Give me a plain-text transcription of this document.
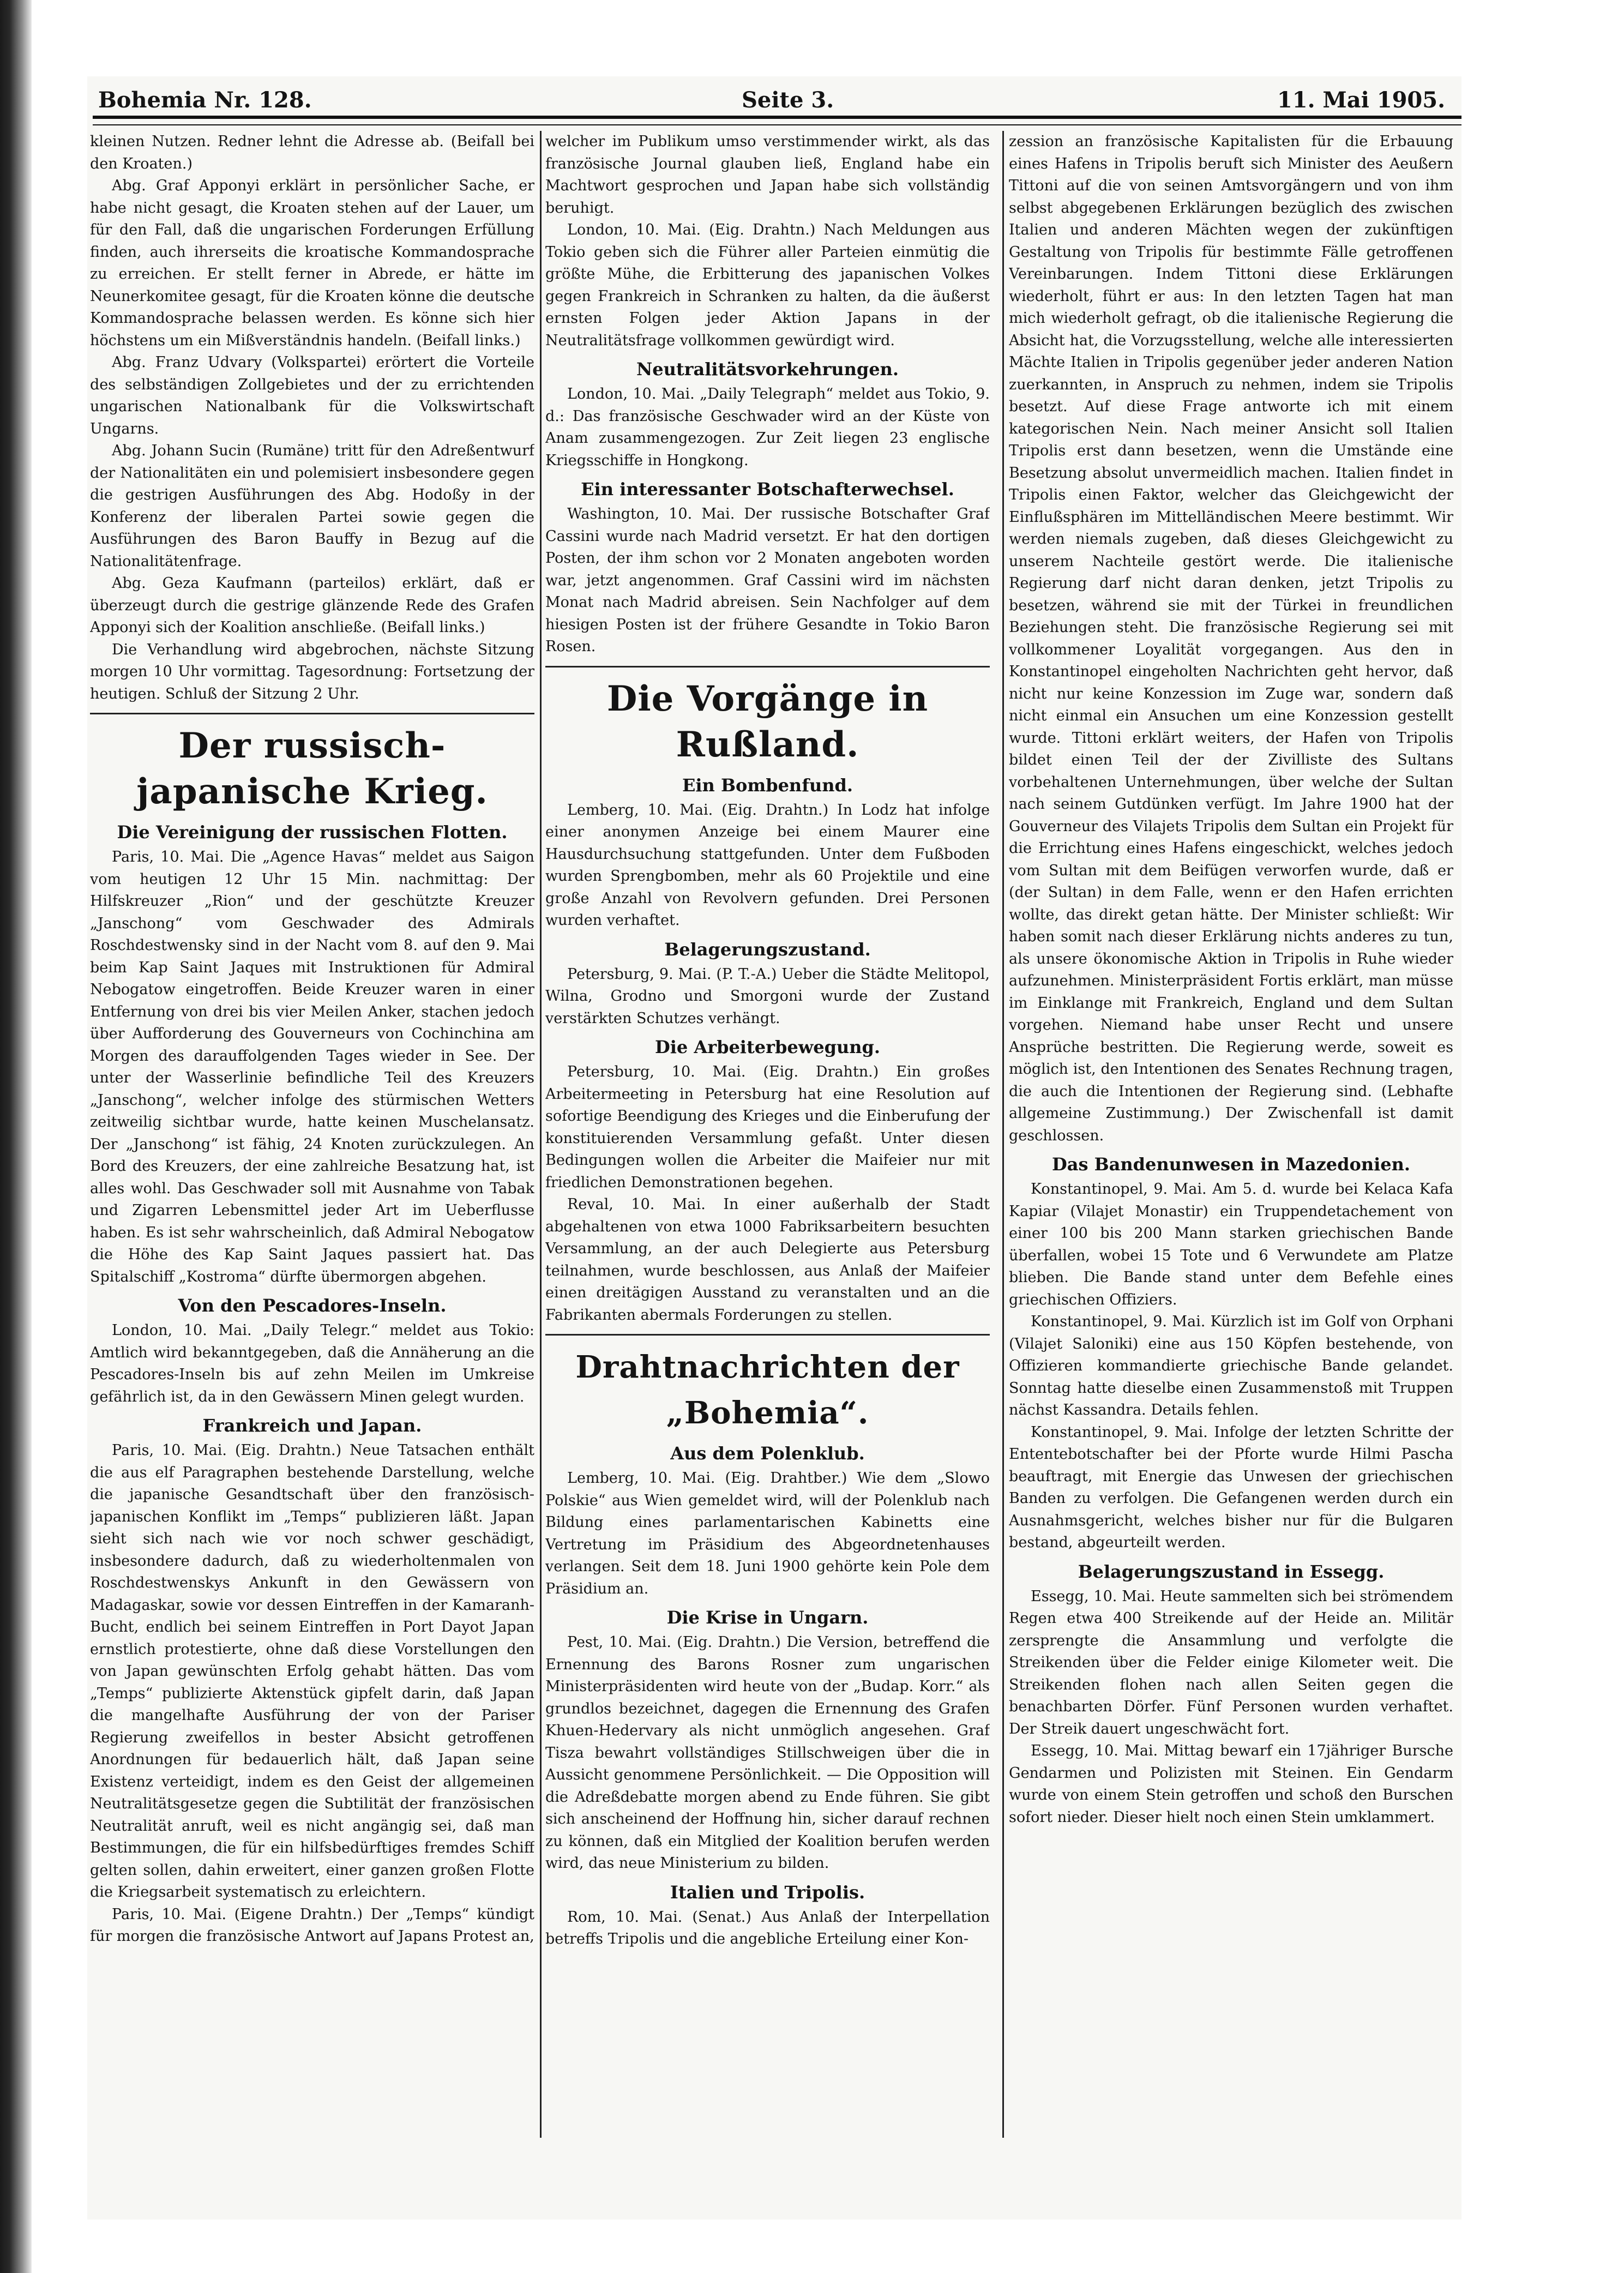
Bohemia Nr. 128.	Seite 3.	11. Mai 1905.

kleinen Nutzen. Redner lehnt die Adresse ab. (Beifall bei den Kroaten.)

Abg. Graf Apponyi erklärt in persönlicher Sache, er habe nicht gesagt, die Kroaten stehen auf der Lauer, um für den Fall, daß die ungarischen Forderungen Erfüllung finden, auch ihrerseits die kroatische Kommandosprache zu erreichen. Er stellt ferner in Abrede, er hätte im Neunerkomitee gesagt, für die Kroaten könne die deutsche Kommandosprache belassen werden. Es könne sich hier höchstens um ein Mißverständnis handeln. (Beifall links.)

Abg. Franz Udvary (Volkspartei) erörtert die Vorteile des selbständigen Zollgebietes und der zu errichtenden ungarischen Nationalbank für die Volkswirtschaft Ungarns.

Abg. Johann Sucin (Rumäne) tritt für den Adreßentwurf der Nationalitäten ein und polemisiert insbesondere gegen die gestrigen Ausführungen des Abg. Hodoßy in der Konferenz der liberalen Partei sowie gegen die Ausführungen des Baron Bauffy in Bezug auf die Nationalitätenfrage.

Abg. Geza Kaufmann (parteilos) erklärt, daß er überzeugt durch die gestrige glänzende Rede des Grafen Apponyi sich der Koalition anschließe. (Beifall links.)

Die Verhandlung wird abgebrochen, nächste Sitzung morgen 10 Uhr vormittag. Tagesordnung: Fortsetzung der heutigen. Schluß der Sitzung 2 Uhr.

Der russisch-japanische Krieg.
Die Vereinigung der russischen Flotten.

Paris, 10. Mai. Die „Agence Havas“ meldet aus Saigon vom heutigen 12 Uhr 15 Min. nachmittag: Der Hilfskreuzer „Rion“ und der geschützte Kreuzer „Janschong“ vom Geschwader des Admirals Roschdestwensky sind in der Nacht vom 8. auf den 9. Mai beim Kap Saint Jaques mit Instruktionen für Admiral Nebogatow eingetroffen. Beide Kreuzer waren in einer Entfernung von drei bis vier Meilen Anker, stachen jedoch über Aufforderung des Gouverneurs von Cochinchina am Morgen des darauffolgenden Tages wieder in See. Der unter der Wasserlinie befindliche Teil des Kreuzers „Janschong“, welcher infolge des stürmischen Wetters zeitweilig sichtbar wurde, hatte keinen Muschelansatz. Der „Janschong“ ist fähig, 24 Knoten zurückzulegen. An Bord des Kreuzers, der eine zahlreiche Besatzung hat, ist alles wohl. Das Geschwader soll mit Ausnahme von Tabak und Zigarren Lebensmittel jeder Art im Ueberflusse haben. Es ist sehr wahrscheinlich, daß Admiral Nebogatow die Höhe des Kap Saint Jaques passiert hat. Das Spitalschiff „Kostroma“ dürfte übermorgen abgehen.

Von den Pescadores-Inseln.

London, 10. Mai. „Daily Telegr.“ meldet aus Tokio: Amtlich wird bekanntgegeben, daß die Annäherung an die Pescadores-Inseln bis auf zehn Meilen im Umkreise gefährlich ist, da in den Gewässern Minen gelegt wurden.

Frankreich und Japan.

Paris, 10. Mai. (Eig. Drahtn.) Neue Tatsachen enthält die aus elf Paragraphen bestehende Darstellung, welche die japanische Gesandtschaft über den französisch-japanischen Konflikt im „Temps“ publizieren läßt. Japan sieht sich nach wie vor noch schwer geschädigt, insbesondere dadurch, daß zu wiederholtenmalen von Roschdestwenskys Ankunft in den Gewässern von Madagaskar, sowie vor dessen Eintreffen in der Kamaranh-Bucht, endlich bei seinem Eintreffen in Port Dayot Japan ernstlich protestierte, ohne daß diese Vorstellungen den von Japan gewünschten Erfolg gehabt hätten. Das vom „Temps“ publizierte Aktenstück gipfelt darin, daß Japan die mangelhafte Ausführung der von der Pariser Regierung zweifellos in bester Absicht getroffenen Anordnungen für bedauerlich hält, daß Japan seine Existenz verteidigt, indem es den Geist der allgemeinen Neutralitätsgesetze gegen die Subtilität der französischen Neutralität anruft, weil es nicht angängig sei, daß man Bestimmungen, die für ein hilfsbedürftiges fremdes Schiff gelten sollen, dahin erweitert, einer ganzen großen Flotte die Kriegsarbeit systematisch zu erleichtern.

Paris, 10. Mai. (Eigene Drahtn.) Der „Temps“ kündigt für morgen die französische Antwort auf Japans Protest an,

welcher im Publikum umso verstimmender wirkt, als das französische Journal glauben ließ, England habe ein Machtwort gesprochen und Japan habe sich vollständig beruhigt.

London, 10. Mai. (Eig. Drahtn.) Nach Meldungen aus Tokio geben sich die Führer aller Parteien einmütig die größte Mühe, die Erbitterung des japanischen Volkes gegen Frankreich in Schranken zu halten, da die äußerst ernsten Folgen jeder Aktion Japans in der Neutralitätsfrage vollkommen gewürdigt wird.

Neutralitätsvorkehrungen.

London, 10. Mai. „Daily Telegraph“ meldet aus Tokio, 9. d.: Das französische Geschwader wird an der Küste von Anam zusammengezogen. Zur Zeit liegen 23 englische Kriegsschiffe in Hongkong.

Ein interessanter Botschafterwechsel.

Washington, 10. Mai. Der russische Botschafter Graf Cassini wurde nach Madrid versetzt. Er hat den dortigen Posten, der ihm schon vor 2 Monaten angeboten worden war, jetzt angenommen. Graf Cassini wird im nächsten Monat nach Madrid abreisen. Sein Nachfolger auf dem hiesigen Posten ist der frühere Gesandte in Tokio Baron Rosen.

Die Vorgänge in Rußland.
Ein Bombenfund.

Lemberg, 10. Mai. (Eig. Drahtn.) In Lodz hat infolge einer anonymen Anzeige bei einem Maurer eine Hausdurchsuchung stattgefunden. Unter dem Fußboden wurden Sprengbomben, mehr als 60 Projektile und eine große Anzahl von Revolvern gefunden. Drei Personen wurden verhaftet.

Belagerungszustand.

Petersburg, 9. Mai. (P. T.-A.) Ueber die Städte Melitopol, Wilna, Grodno und Smorgoni wurde der Zustand verstärkten Schutzes verhängt.

Die Arbeiterbewegung.

Petersburg, 10. Mai. (Eig. Drahtn.) Ein großes Arbeitermeeting in Petersburg hat eine Resolution auf sofortige Beendigung des Krieges und die Einberufung der konstituierenden Versammlung gefaßt. Unter diesen Bedingungen wollen die Arbeiter die Maifeier nur mit friedlichen Demonstrationen begehen.

Reval, 10. Mai. In einer außerhalb der Stadt abgehaltenen von etwa 1000 Fabriksarbeitern besuchten Versammlung, an der auch Delegierte aus Petersburg teilnahmen, wurde beschlossen, aus Anlaß der Maifeier einen dreitägigen Ausstand zu veranstalten und an die Fabrikanten abermals Forderungen zu stellen.

Drahtnachrichten der „Bohemia“.
Aus dem Polenklub.

Lemberg, 10. Mai. (Eig. Drahtber.) Wie dem „Slowo Polskie“ aus Wien gemeldet wird, will der Polenklub nach Bildung eines parlamentarischen Kabinetts eine Vertretung im Präsidium des Abgeordnetenhauses verlangen. Seit dem 18. Juni 1900 gehörte kein Pole dem Präsidium an.

Die Krise in Ungarn.

Pest, 10. Mai. (Eig. Drahtn.) Die Version, betreffend die Ernennung des Barons Rosner zum ungarischen Ministerpräsidenten wird heute von der „Budap. Korr.“ als grundlos bezeichnet, dagegen die Ernennung des Grafen Khuen-Hedervary als nicht unmöglich angesehen. Graf Tisza bewahrt vollständiges Stillschweigen über die in Aussicht genommene Persönlichkeit. — Die Opposition will die Adreßdebatte morgen abend zu Ende führen. Sie gibt sich anscheinend der Hoffnung hin, sicher darauf rechnen zu können, daß ein Mitglied der Koalition berufen werden wird, das neue Ministerium zu bilden.

Italien und Tripolis.

Rom, 10. Mai. (Senat.) Aus Anlaß der Interpellation betreffs Tripolis und die angebliche Erteilung einer Kon-

zession an französische Kapitalisten für die Erbauung eines Hafens in Tripolis beruft sich Minister des Aeußern Tittoni auf die von seinen Amtsvorgängern und von ihm selbst abgegebenen Erklärungen bezüglich des zwischen Italien und anderen Mächten wegen der zukünftigen Gestaltung von Tripolis für bestimmte Fälle getroffenen Vereinbarungen. Indem Tittoni diese Erklärungen wiederholt, führt er aus: In den letzten Tagen hat man mich wiederholt gefragt, ob die italienische Regierung die Absicht hat, die Vorzugsstellung, welche alle interessierten Mächte Italien in Tripolis gegenüber jeder anderen Nation zuerkannten, in Anspruch zu nehmen, indem sie Tripolis besetzt. Auf diese Frage antworte ich mit einem kategorischen Nein. Nach meiner Ansicht soll Italien Tripolis erst dann besetzen, wenn die Umstände eine Besetzung absolut unvermeidlich machen. Italien findet in Tripolis einen Faktor, welcher das Gleichgewicht der Einflußsphären im Mittelländischen Meere bestimmt. Wir werden niemals zugeben, daß dieses Gleichgewicht zu unserem Nachteile gestört werde. Die italienische Regierung darf nicht daran denken, jetzt Tripolis zu besetzen, während sie mit der Türkei in freundlichen Beziehungen steht. Die französische Regierung sei mit vollkommener Loyalität vorgegangen. Aus den in Konstantinopel eingeholten Nachrichten geht hervor, daß nicht nur keine Konzession im Zuge war, sondern daß nicht einmal ein Ansuchen um eine Konzession gestellt wurde. Tittoni erklärt weiters, der Hafen von Tripolis bildet einen Teil der der Zivilliste des Sultans vorbehaltenen Unternehmungen, über welche der Sultan nach seinem Gutdünken verfügt. Im Jahre 1900 hat der Gouverneur des Vilajets Tripolis dem Sultan ein Projekt für die Errichtung eines Hafens eingeschickt, welches jedoch vom Sultan mit dem Beifügen verworfen wurde, daß er (der Sultan) in dem Falle, wenn er den Hafen errichten wollte, das direkt getan hätte. Der Minister schließt: Wir haben somit nach dieser Erklärung nichts anderes zu tun, als unsere ökonomische Aktion in Tripolis in Ruhe wieder aufzunehmen. Ministerpräsident Fortis erklärt, man müsse im Einklange mit Frankreich, England und dem Sultan vorgehen. Niemand habe unser Recht und unsere Ansprüche bestritten. Die Regierung werde, soweit es möglich ist, den Intentionen des Senates Rechnung tragen, die auch die Intentionen der Regierung sind. (Lebhafte allgemeine Zustimmung.) Der Zwischenfall ist damit geschlossen.

Das Bandenunwesen in Mazedonien.

Konstantinopel, 9. Mai. Am 5. d. wurde bei Kelaca Kafa Kapiar (Vilajet Monastir) ein Truppendetachement von einer 100 bis 200 Mann starken griechischen Bande überfallen, wobei 15 Tote und 6 Verwundete am Platze blieben. Die Bande stand unter dem Befehle eines griechischen Offiziers.

Konstantinopel, 9. Mai. Kürzlich ist im Golf von Orphani (Vilajet Saloniki) eine aus 150 Köpfen bestehende, von Offizieren kommandierte griechische Bande gelandet. Sonntag hatte dieselbe einen Zusammenstoß mit Truppen nächst Kassandra. Details fehlen.

Konstantinopel, 9. Mai. Infolge der letzten Schritte der Ententebotschafter bei der Pforte wurde Hilmi Pascha beauftragt, mit Energie das Unwesen der griechischen Banden zu verfolgen. Die Gefangenen werden durch ein Ausnahmsgericht, welches bisher nur für die Bulgaren bestand, abgeurteilt werden.

Belagerungszustand in Essegg.

Essegg, 10. Mai. Heute sammelten sich bei strömendem Regen etwa 400 Streikende auf der Heide an. Militär zersprengte die Ansammlung und verfolgte die Streikenden über die Felder einige Kilometer weit. Die Streikenden flohen nach allen Seiten gegen die benachbarten Dörfer. Fünf Personen wurden verhaftet. Der Streik dauert ungeschwächt fort.

Essegg, 10. Mai. Mittag bewarf ein 17jähriger Bursche Gendarmen und Polizisten mit Steinen. Ein Gendarm wurde von einem Stein getroffen und schoß den Burschen sofort nieder. Dieser hielt noch einen Stein umklammert.
